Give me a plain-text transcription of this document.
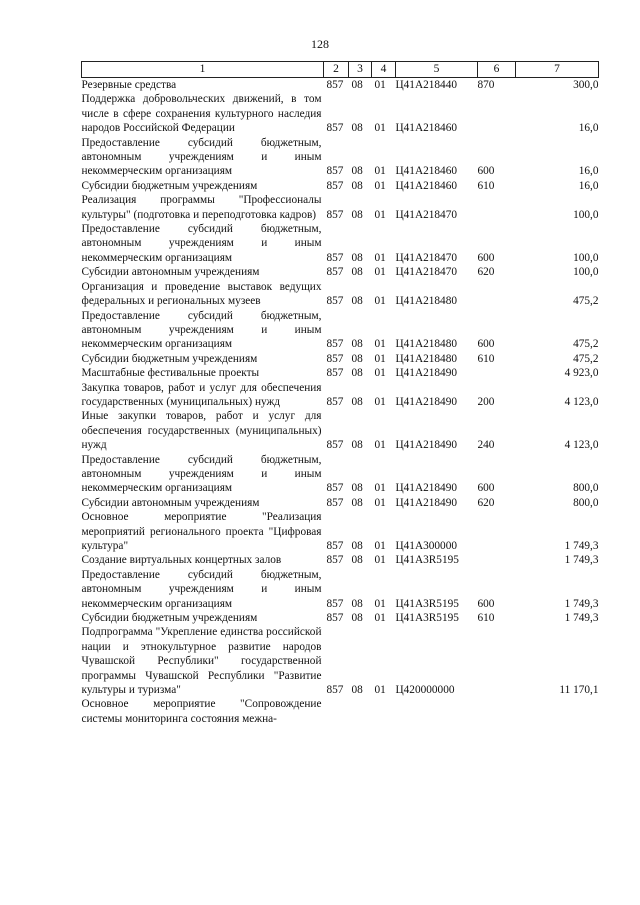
128
1	2	3	4	5	6	7
Резервные средства	857	08	01	Ц41А218440	870	300,0
Поддержка добровольческих движений, в том числе в сфере сохранения культурного наследия народов Российской Федерации	857	08	01	Ц41А218460		16,0
Предоставление субсидий бюджетным, автономным учреждениям и иным некоммерческим организациям	857	08	01	Ц41А218460	600	16,0
Субсидии бюджетным учреждениям	857	08	01	Ц41А218460	610	16,0
Реализация программы "Профессионалы культуры" (подготовка и переподготовка кадров)	857	08	01	Ц41А218470		100,0
Предоставление субсидий бюджетным, автономным учреждениям и иным некоммерческим организациям	857	08	01	Ц41А218470	600	100,0
Субсидии автономным учреждениям	857	08	01	Ц41А218470	620	100,0
Организация и проведение выставок ведущих федеральных и региональных музеев	857	08	01	Ц41А218480		475,2
Предоставление субсидий бюджетным, автономным учреждениям и иным некоммерческим организациям	857	08	01	Ц41А218480	600	475,2
Субсидии бюджетным учреждениям	857	08	01	Ц41А218480	610	475,2
Масштабные фестивальные проекты	857	08	01	Ц41А218490		4 923,0
Закупка товаров, работ и услуг для обеспечения государственных (муниципальных) нужд	857	08	01	Ц41А218490	200	4 123,0
Иные закупки товаров, работ и услуг для обеспечения государственных (муниципальных) нужд	857	08	01	Ц41А218490	240	4 123,0
Предоставление субсидий бюджетным, автономным учреждениям и иным некоммерческим организациям	857	08	01	Ц41А218490	600	800,0
Субсидии автономным учреждениям	857	08	01	Ц41А218490	620	800,0
Основное мероприятие "Реализация мероприятий регионального проекта "Цифровая культура"	857	08	01	Ц41А300000		1 749,3
Создание виртуальных концертных залов	857	08	01	Ц41А3R5195		1 749,3
Предоставление субсидий бюджетным, автономным учреждениям и иным некоммерческим организациям	857	08	01	Ц41А3R5195	600	1 749,3
Субсидии бюджетным учреждениям	857	08	01	Ц41А3R5195	610	1 749,3
Подпрограмма "Укрепление единства российской нации и этнокультурное развитие народов Чувашской Республики" государственной программы Чувашской Республики "Развитие культуры и туризма"	857	08	01	Ц420000000		11 170,1
Основное мероприятие "Сопровождение системы мониторинга состояния межна-						
